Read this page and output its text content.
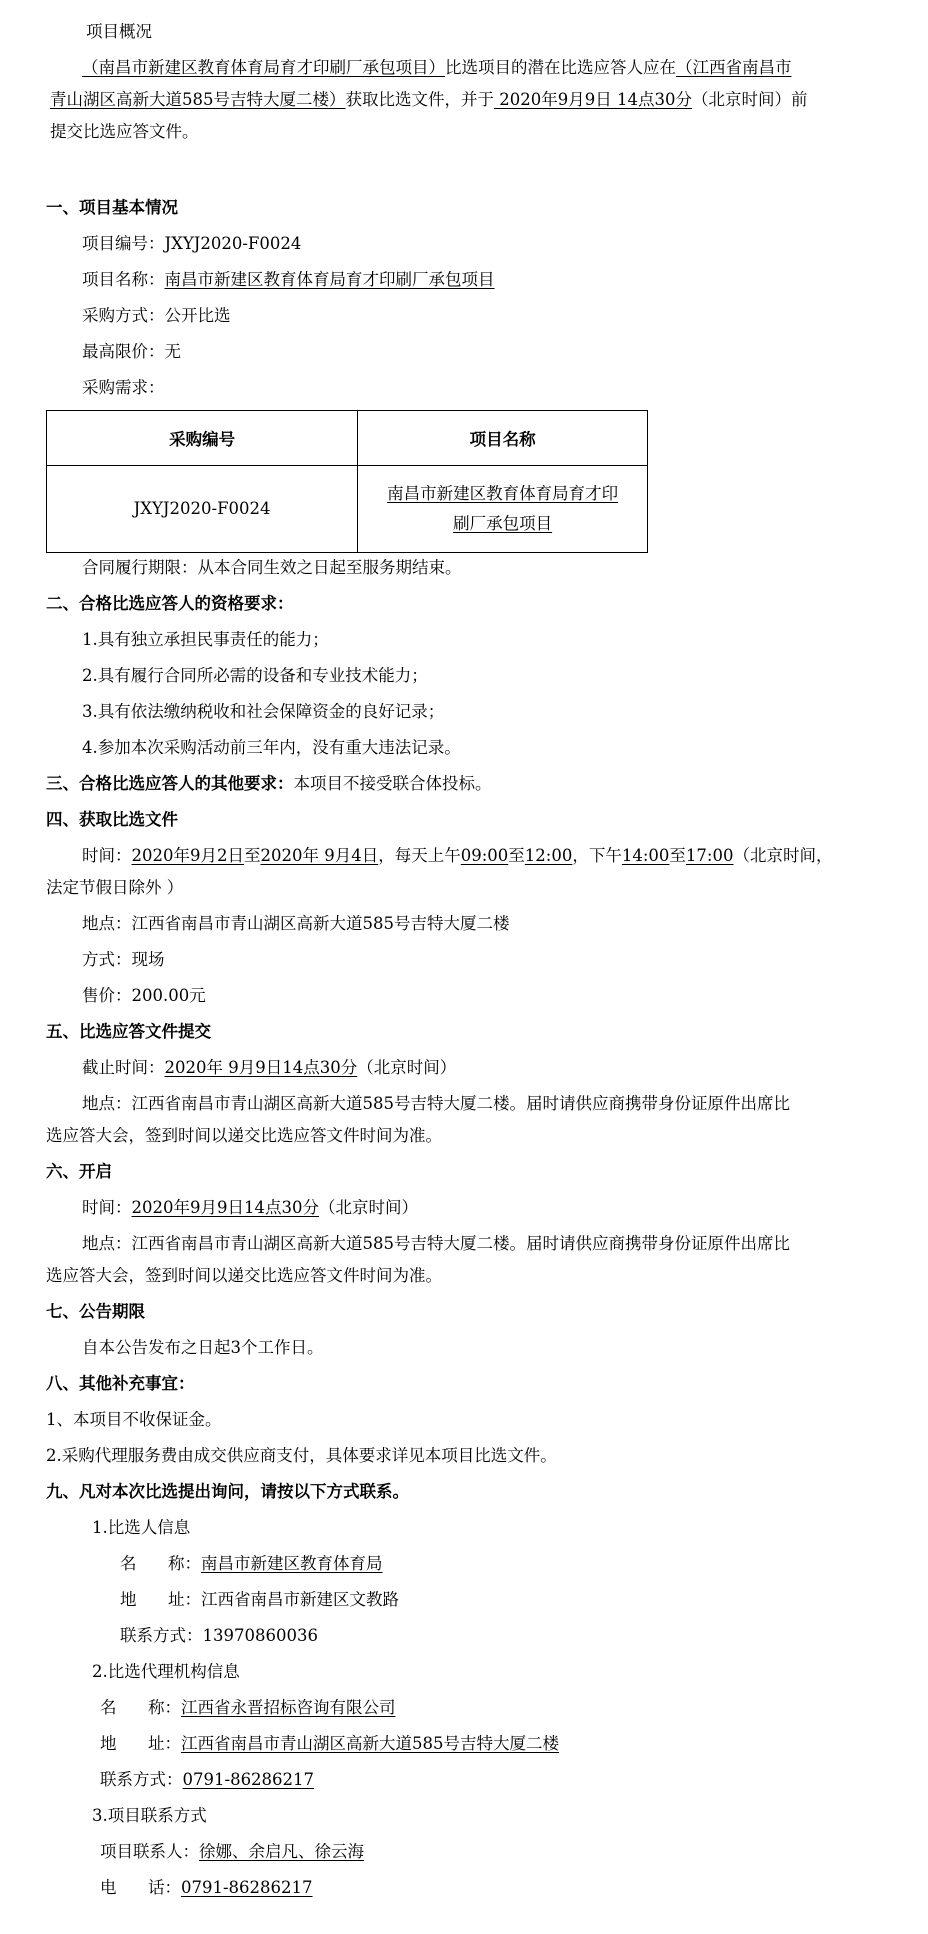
项目概况
（南昌市新建区教育体育局育才印刷厂承包项目）比选项目的潜在比选应答人应在（江西省南昌市
青山湖区高新大道585号吉特大厦二楼）获取比选文件，并于 2020年9月9日 14点30分（北京时间）前
提交比选应答文件。
一、项目基本情况
项目编号：JXYJ2020-F0024
项目名称：南昌市新建区教育体育局育才印刷厂承包项目
采购方式：公开比选
最高限价：无
采购需求：
采购编号	项目名称
JXYJ2020-F0024	南昌市新建区教育体育局育才印
刷厂承包项目
合同履行期限：从本合同生效之日起至服务期结束。
二、合格比选应答人的资格要求：
1.具有独立承担民事责任的能力；
2.具有履行合同所必需的设备和专业技术能力；
3.具有依法缴纳税收和社会保障资金的良好记录；
4.参加本次采购活动前三年内，没有重大违法记录。
三、合格比选应答人的其他要求：本项目不接受联合体投标。
四、获取比选文件
时间：2020年9月2日至2020年 9月4日，每天上午09:00至12:00，下午14:00至17:00（北京时间，
法定节假日除外 ）
地点：江西省南昌市青山湖区高新大道585号吉特大厦二楼
方式：现场
售价：200.00元
五、比选应答文件提交
截止时间：2020年 9月9日14点30分（北京时间）
地点：江西省南昌市青山湖区高新大道585号吉特大厦二楼。届时请供应商携带身份证原件出席比
选应答大会，签到时间以递交比选应答文件时间为准。
六、开启
时间：2020年9月9日14点30分（北京时间）
地点：江西省南昌市青山湖区高新大道585号吉特大厦二楼。届时请供应商携带身份证原件出席比
选应答大会，签到时间以递交比选应答文件时间为准。
七、公告期限
自本公告发布之日起3个工作日。
八、其他补充事宜：
1、本项目不收保证金。
2.采购代理服务费由成交供应商支付，具体要求详见本项目比选文件。
九、凡对本次比选提出询问，请按以下方式联系。
1.比选人信息
名      称：南昌市新建区教育体育局
地      址：江西省南昌市新建区文教路
联系方式：13970860036
2.比选代理机构信息
名      称：江西省永晋招标咨询有限公司
地      址：江西省南昌市青山湖区高新大道585号吉特大厦二楼
联系方式：0791-86286217
3.项目联系方式
项目联系人：徐娜、余启凡、徐云海
电      话：0791-86286217
